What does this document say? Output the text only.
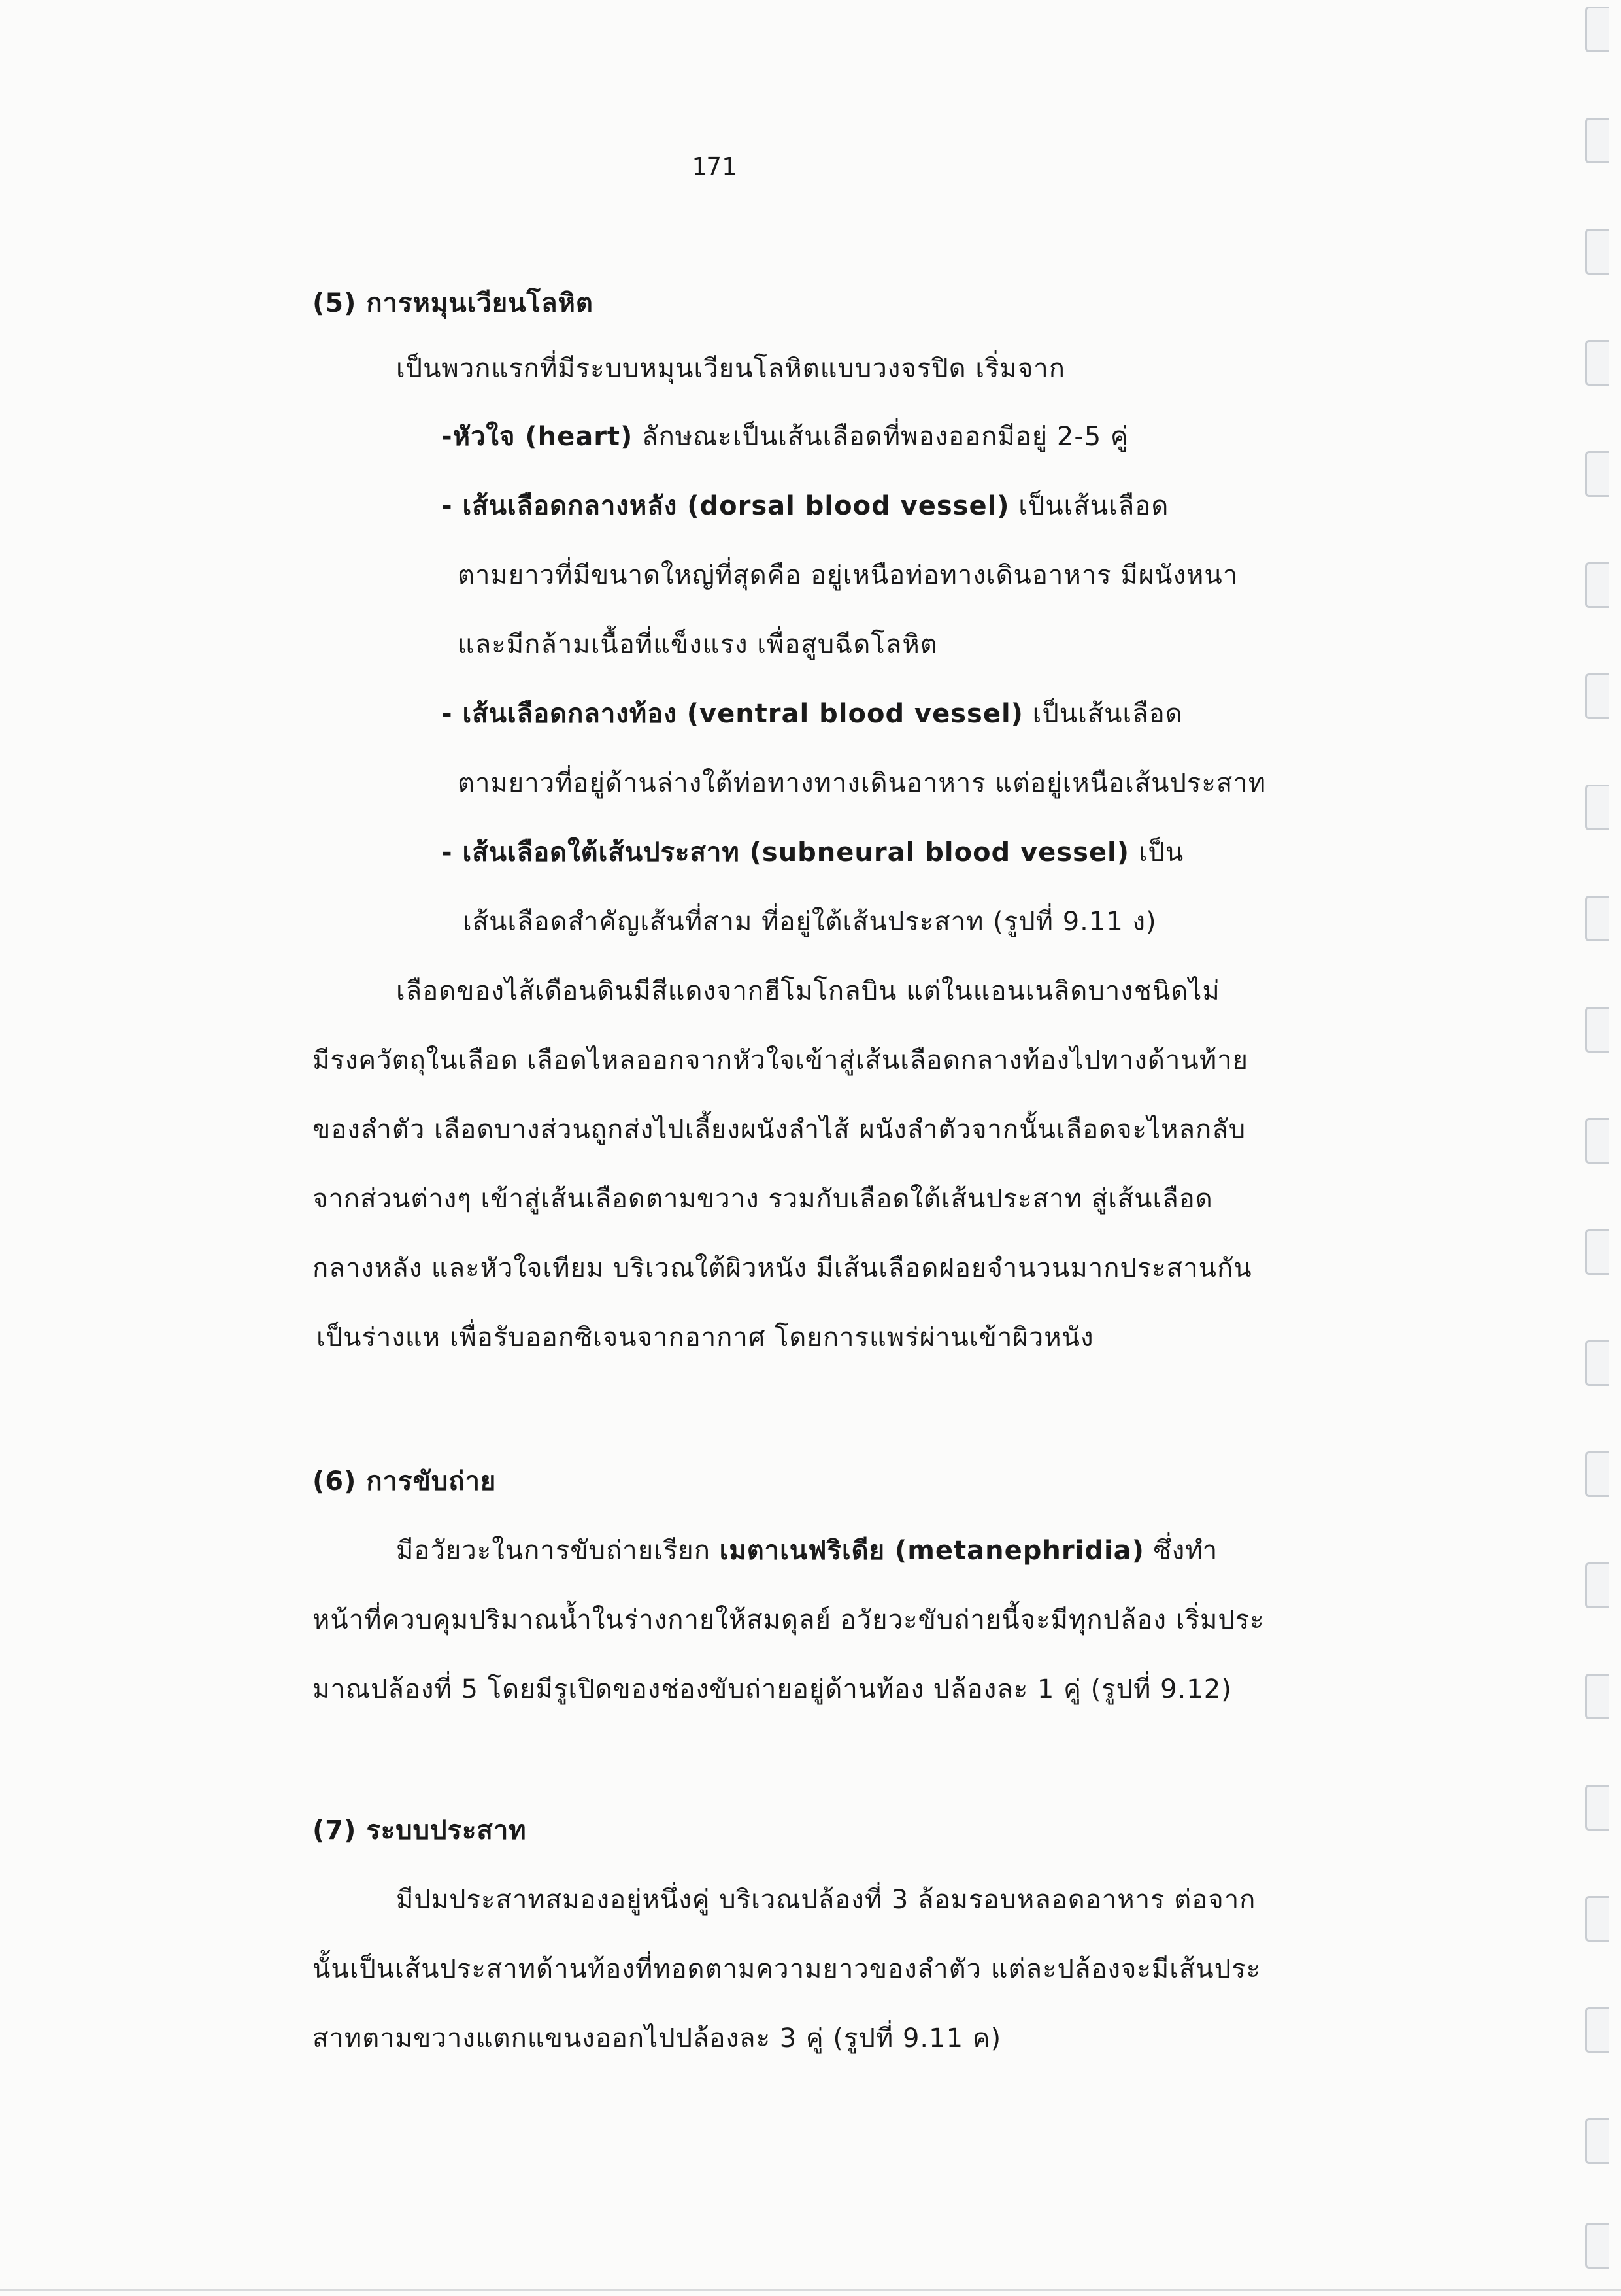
171
(5) การหมุนเวียนโลหิต
เป็นพวกแรกที่มีระบบหมุนเวียนโลหิตแบบวงจรปิด เริ่มจาก
-หัวใจ (heart) ลักษณะเป็นเส้นเลือดที่พองออกมีอยู่ 2-5 คู่
- เส้นเลือดกลางหลัง (dorsal blood vessel) เป็นเส้นเลือด
ตามยาวที่มีขนาดใหญ่ที่สุดคือ อยู่เหนือท่อทางเดินอาหาร มีผนังหนา
และมีกล้ามเนื้อที่แข็งแรง เพื่อสูบฉีดโลหิต
- เส้นเลือดกลางท้อง (ventral blood vessel) เป็นเส้นเลือด
ตามยาวที่อยู่ด้านล่างใต้ท่อทางทางเดินอาหาร แต่อยู่เหนือเส้นประสาท
- เส้นเลือดใต้เส้นประสาท (subneural blood vessel) เป็น
เส้นเลือดสำคัญเส้นที่สาม ที่อยู่ใต้เส้นประสาท (รูปที่ 9.11 ง)
เลือดของไส้เดือนดินมีสีแดงจากฮีโมโกลบิน แต่ในแอนเนลิดบางชนิดไม่
มีรงควัตถุในเลือด เลือดไหลออกจากหัวใจเข้าสู่เส้นเลือดกลางท้องไปทางด้านท้าย
ของลำตัว เลือดบางส่วนถูกส่งไปเลี้ยงผนังลำไส้ ผนังลำตัวจากนั้นเลือดจะไหลกลับ
จากส่วนต่างๆ เข้าสู่เส้นเลือดตามขวาง รวมกับเลือดใต้เส้นประสาท สู่เส้นเลือด
กลางหลัง และหัวใจเทียม บริเวณใต้ผิวหนัง มีเส้นเลือดฝอยจำนวนมากประสานกัน
เป็นร่างแห เพื่อรับออกซิเจนจากอากาศ โดยการแพร่ผ่านเข้าผิวหนัง
(6) การขับถ่าย
มีอวัยวะในการขับถ่ายเรียก เมตาเนฟริเดีย (metanephridia) ซึ่งทำ
หน้าที่ควบคุมปริมาณน้ำในร่างกายให้สมดุลย์ อวัยวะขับถ่ายนี้จะมีทุกปล้อง เริ่มประ
มาณปล้องที่ 5 โดยมีรูเปิดของช่องขับถ่ายอยู่ด้านท้อง ปล้องละ 1 คู่ (รูปที่ 9.12)
(7) ระบบประสาท
มีปมประสาทสมองอยู่หนึ่งคู่ บริเวณปล้องที่ 3 ล้อมรอบหลอดอาหาร ต่อจาก
นั้นเป็นเส้นประสาทด้านท้องที่ทอดตามความยาวของลำตัว แต่ละปล้องจะมีเส้นประ
สาทตามขวางแตกแขนงออกไปปล้องละ 3 คู่ (รูปที่ 9.11 ค)
